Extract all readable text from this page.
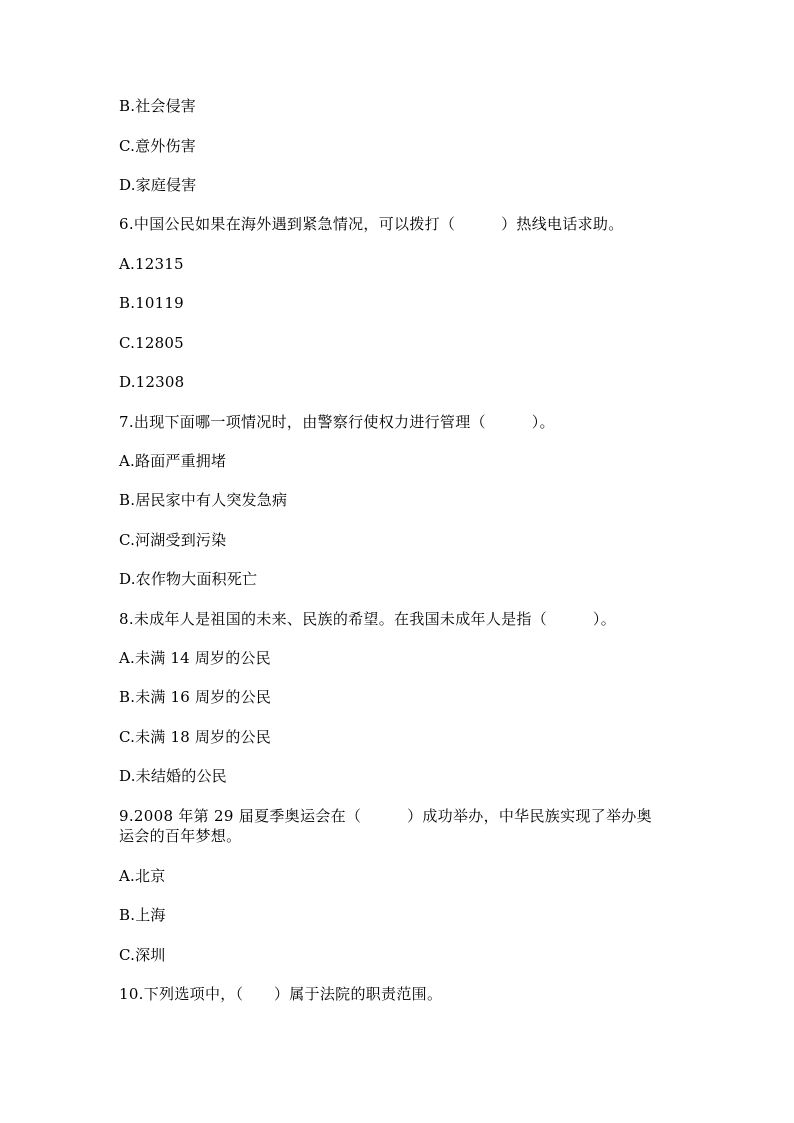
B.社会侵害
C.意外伤害
D.家庭侵害
6.中国公民如果在海外遇到紧急情况，可以拨打（　　　）热线电话求助。
A.12315
B.10119
C.12805
D.12308
7.出现下面哪一项情况时，由警察行使权力进行管理（　　　）。
A.路面严重拥堵
B.居民家中有人突发急病
C.河湖受到污染
D.农作物大面积死亡
8.未成年人是祖国的未来、民族的希望。在我国未成年人是指（　　　）。
A.未满 14 周岁的公民
B.未满 16 周岁的公民
C.未满 18 周岁的公民
D.未结婚的公民
9.2008 年第 29 届夏季奥运会在（　　　）成功举办，中华民族实现了举办奥运会的百年梦想。
A.北京
B.上海
C.深圳
10.下列选项中，（　　）属于法院的职责范围。
